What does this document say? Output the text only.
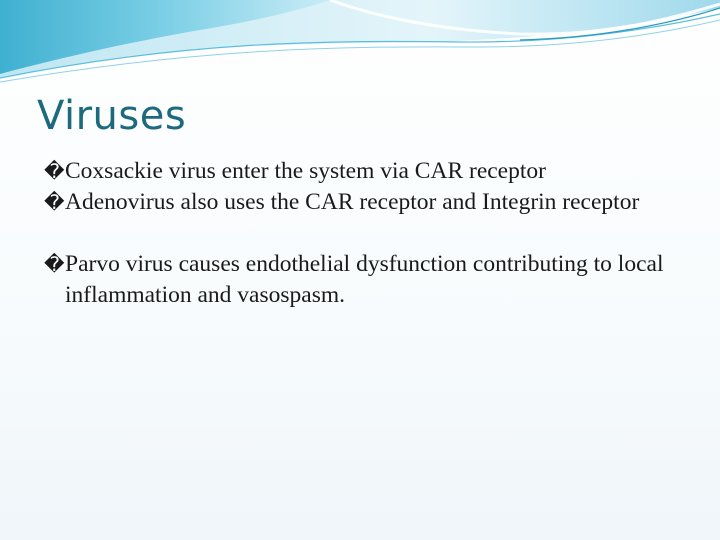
Viruses
� Coxsackie virus enter the system via CAR receptor
� Adenovirus also uses the CAR receptor and Integrin receptor
� Parvo virus causes endothelial dysfunction contributing to local inflammation and vasospasm.
